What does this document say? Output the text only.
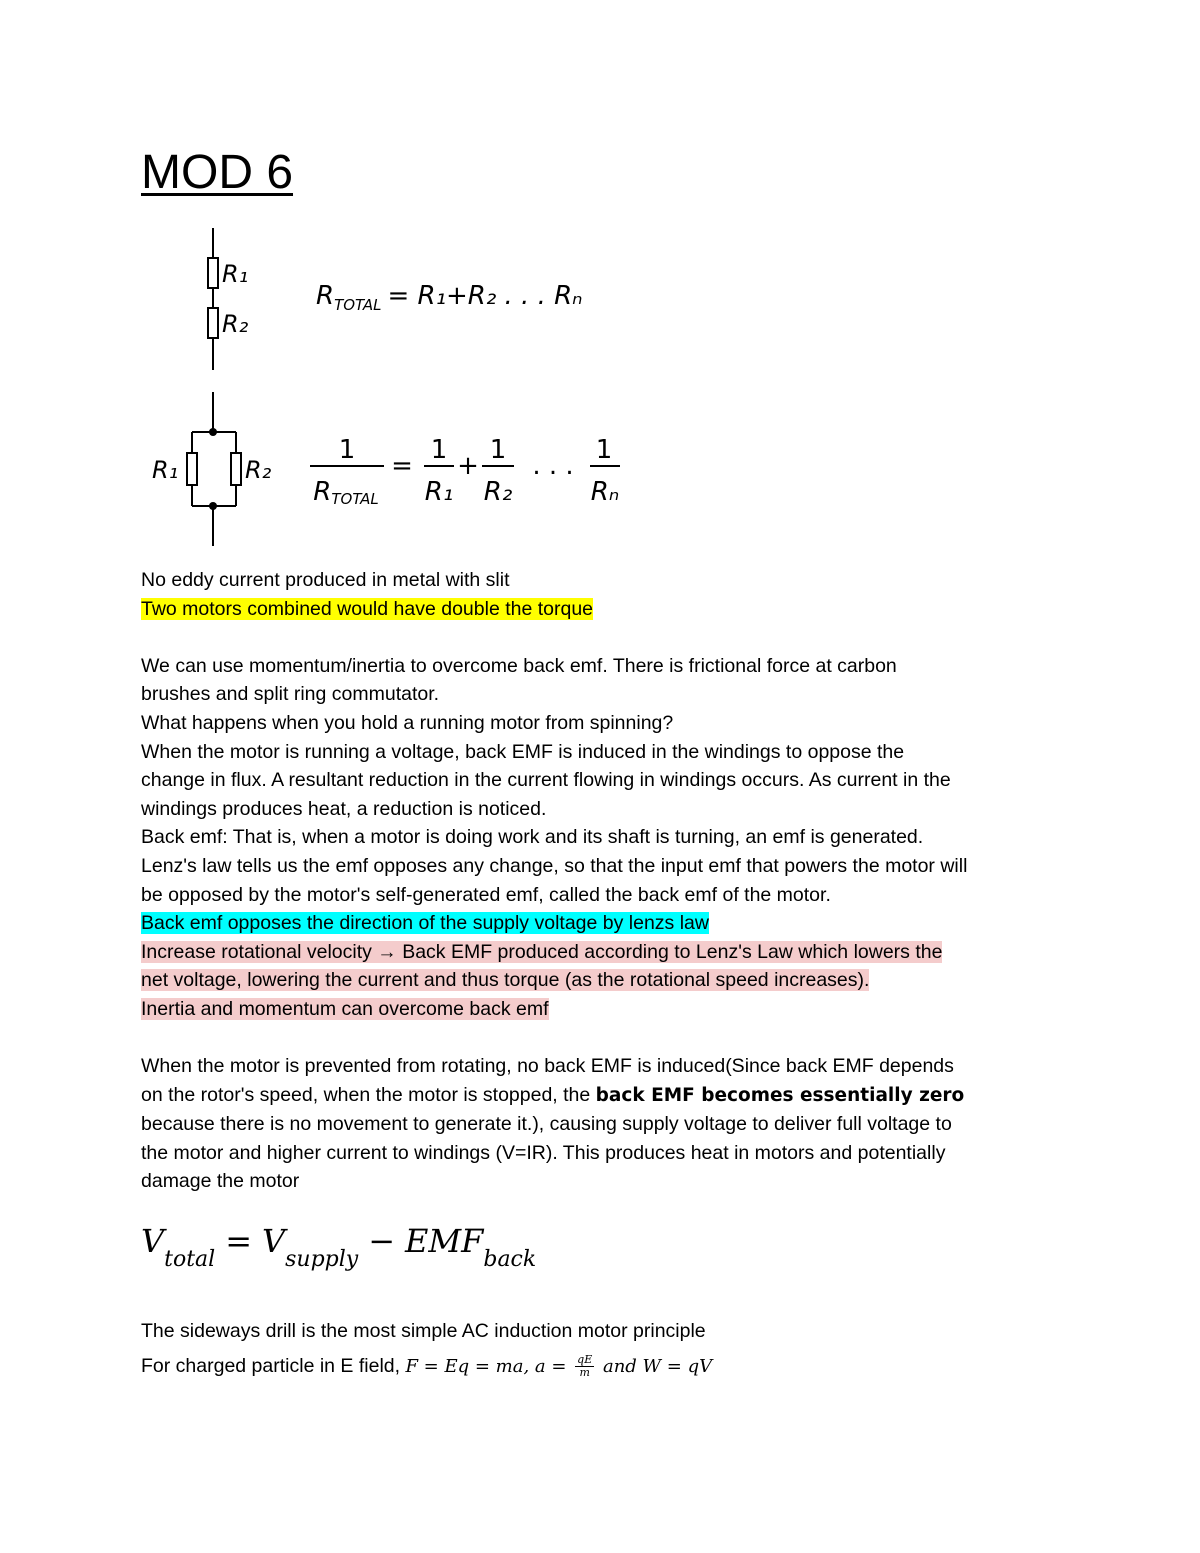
MOD 6
R₁
R₂
$R_{TOTAL} = R_1+R_2$ . . . Rₙ
R₁	R₂
1
RTOTAL
=
1
R₁
+
1
R₂
. . .
1
Rₙ
No eddy current produced in metal with slit
Two motors combined would have double the torque

We can use momentum/inertia to overcome back emf. There is frictional force at carbon
brushes and split ring commutator.
What happens when you hold a running motor from spinning?
When the motor is running a voltage, back EMF is induced in the windings to oppose the
change in flux. A resultant reduction in the current flowing in windings occurs. As current in the
windings produces heat, a reduction is noticed.
Back emf: That is, when a motor is doing work and its shaft is turning, an emf is generated.
Lenz's law tells us the emf opposes any change, so that the input emf that powers the motor will
be opposed by the motor's self-generated emf, called the back emf of the motor.
Back emf opposes the direction of the supply voltage by lenzs law
Increase rotational velocity → Back EMF produced according to Lenz's Law which lowers the
net voltage, lowering the current and thus torque (as the rotational speed increases).
Inertia and momentum can overcome back emf

When the motor is prevented from rotating, no back EMF is induced(Since back EMF depends
on the rotor's speed, when the motor is stopped, the back EMF becomes essentially zero
because there is no movement to generate it.), causing supply voltage to deliver full voltage to
the motor and higher current to windings (V=IR). This produces heat in motors and potentially
damage the motor
$V_{total} = V_{supply} - EMF_{back}$
The sideways drill is the most simple AC induction motor principle
For charged particle in E field, F = Eq = ma, $a = \frac{qE}{m}$ and W = qV
